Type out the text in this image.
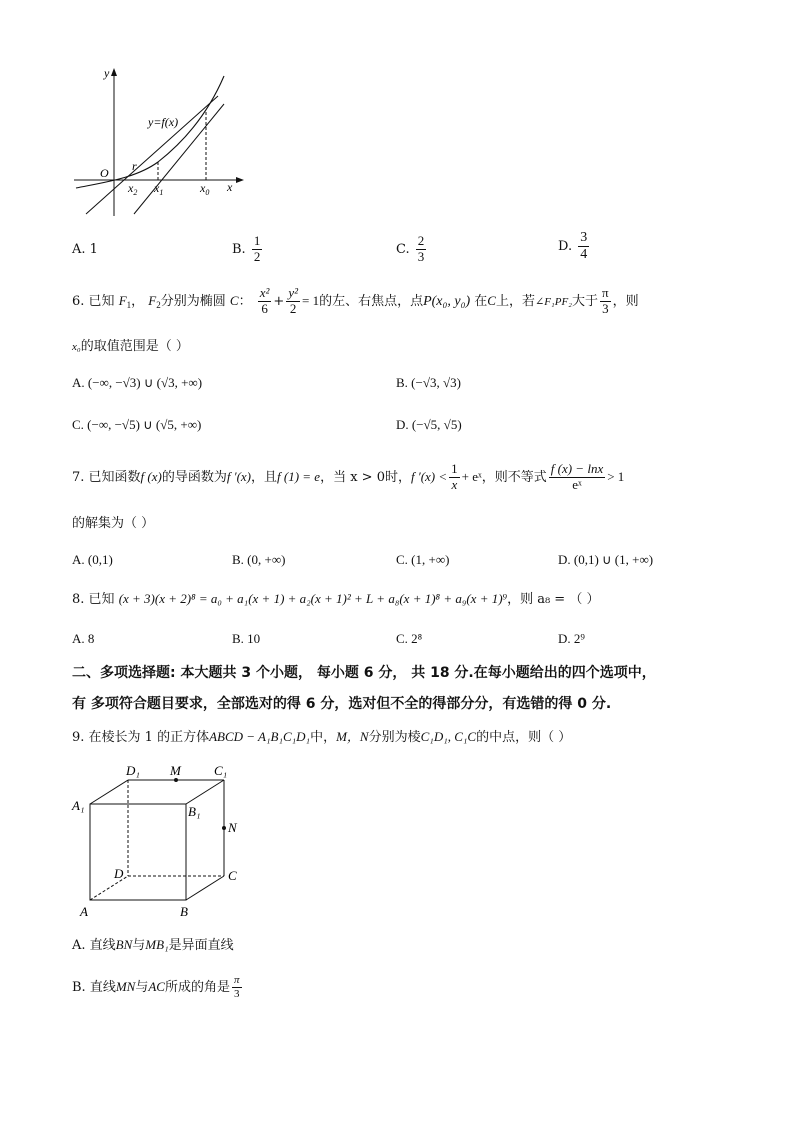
y
x
O
y=f(x)
r
$x_2$ $x_1$	$x_0$
A. 1	B. $\frac{1}{2}$	C. $\frac{2}{3}$	D. $\frac{3}{4}$
6. 已知 $F_1$， $F_2$分别为椭圆 C： $\frac{\text{x²}}{6} + \frac{\text{y²}}{2} = 1$的左、右焦点，点P(x₀, y₀) 在C上，若∠F₁PF₂大于 $\frac{\pi}{3}$ ，则
x₀的取值范围是（ ）
A. (−∞, −√3) ∪ (√3, +∞)	B. (−√3, √3)
C. (−∞, −√5) ∪ (√5, +∞)	D. (−√5, √5)
7. 已知函数f (x)的导函数为f ′(x)，且f (1) = e，当 x > 0时，f $'(x) < \frac{1}{x}$ + eˣ，则不等式 $\frac{f (x) - \ln x}{\text{eˣ}} > 1$
的解集为（ ）
A. (0,1)	B. (0, +∞)	C. (1, +∞)	D. (0,1) ∪ (1, +∞)
8. 已知 (x + 3)(x + 2)⁸ = a₀ + a₁(x + 1) + a₂(x + 1)² + L + a₈(x + 1)⁸ + a₉(x + 1)⁹，则 a₈ = （ ）
A. 8	B. 10	C. 2⁸	D. 2⁹
二、多项选择题: 本大题共 3 个小题， 每小题 6 分， 共 18 分.在每小题给出的四个选项中，
有 多项符合题目要求，全部选对的得 6 分，选对但不全的得部分分，有选错的得 0 分.
9. 在棱长为 1 的正方体ABCD − A₁B₁C₁D₁中，M，N分别为棱C₁D₁, C₁C的中点，则（ ）
D₁ M	C₁
A₁	B₁
N
D	C
A	B
A. 直线BN与MB₁是异面直线
B. 直线MN与AC所成的角是 $\frac{\pi}{3}$
